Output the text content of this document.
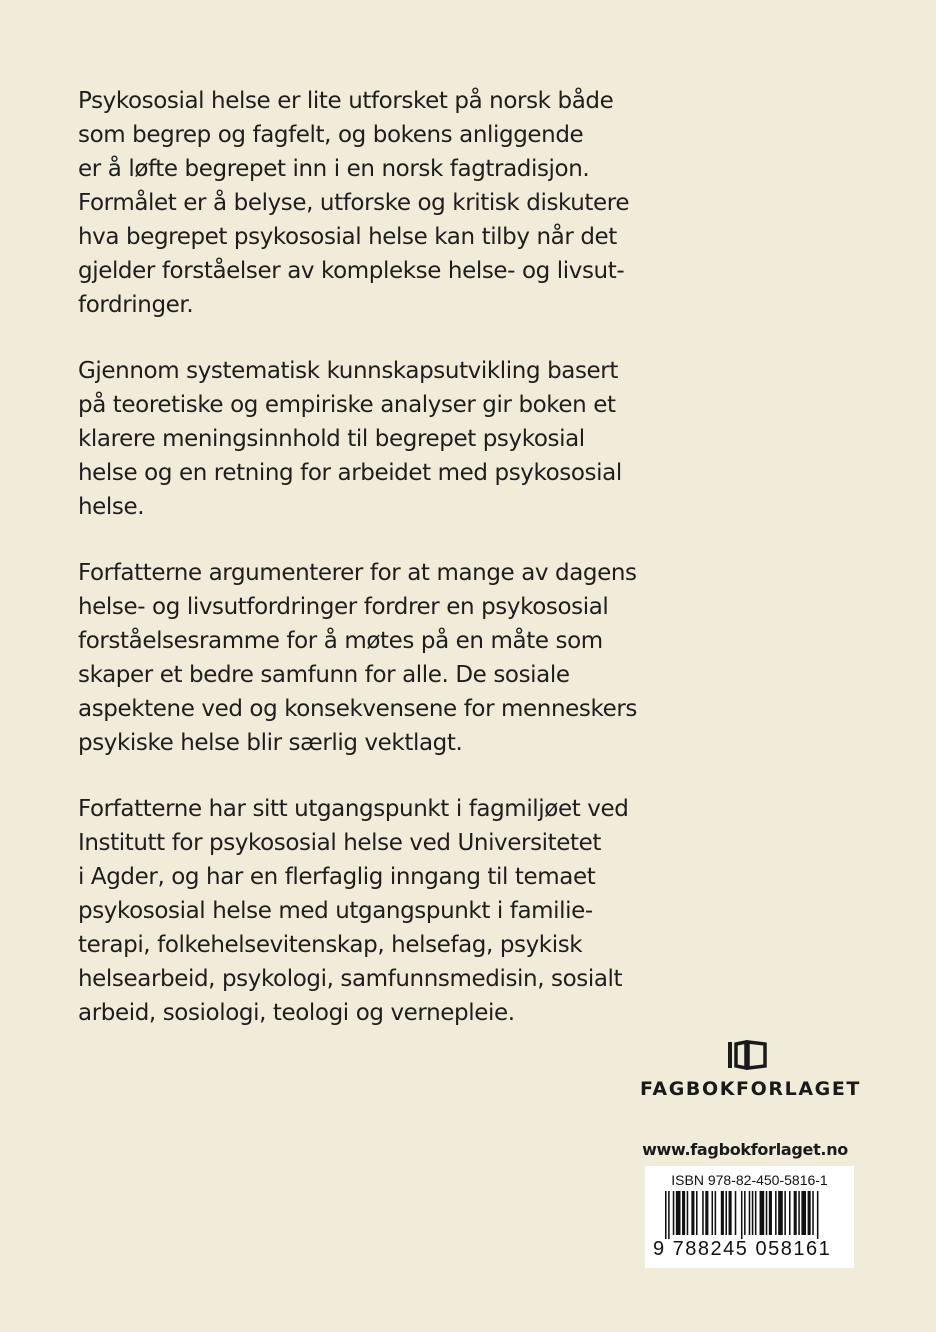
Psykososial helse er lite utforsket på norsk både
som begrep og fagfelt, og bokens anliggende
er å løfte begrepet inn i en norsk fagtradisjon.
Formålet er å belyse, utforske og kritisk diskutere
hva begrepet psykososial helse kan tilby når det
gjelder forståelser av komplekse helse- og livsut-
fordringer.

Gjennom systematisk kunnskapsutvikling basert
på teoretiske og empiriske analyser gir boken et
klarere meningsinnhold til begrepet psykosial
helse og en retning for arbeidet med psykososial
helse.

Forfatterne argumenterer for at mange av dagens
helse- og livsutfordringer fordrer en psykososial
forståelsesramme for å møtes på en måte som
skaper et bedre samfunn for alle. De sosiale
aspektene ved og konsekvensene for menneskers
psykiske helse blir særlig vektlagt.

Forfatterne har sitt utgangspunkt i fagmiljøet ved
Institutt for psykososial helse ved Universitetet
i Agder, og har en flerfaglig inngang til temaet
psykososial helse med utgangspunkt i familie-
terapi, folkehelsevitenskap, helsefag, psykisk
helsearbeid, psykologi, samfunnsmedisin, sosialt
arbeid, sosiologi, teologi og vernepleie.

FAGBOKFORLAGET
www.fagbokforlaget.no
ISBN 978-82-450-5816-1
9 788245 058161
